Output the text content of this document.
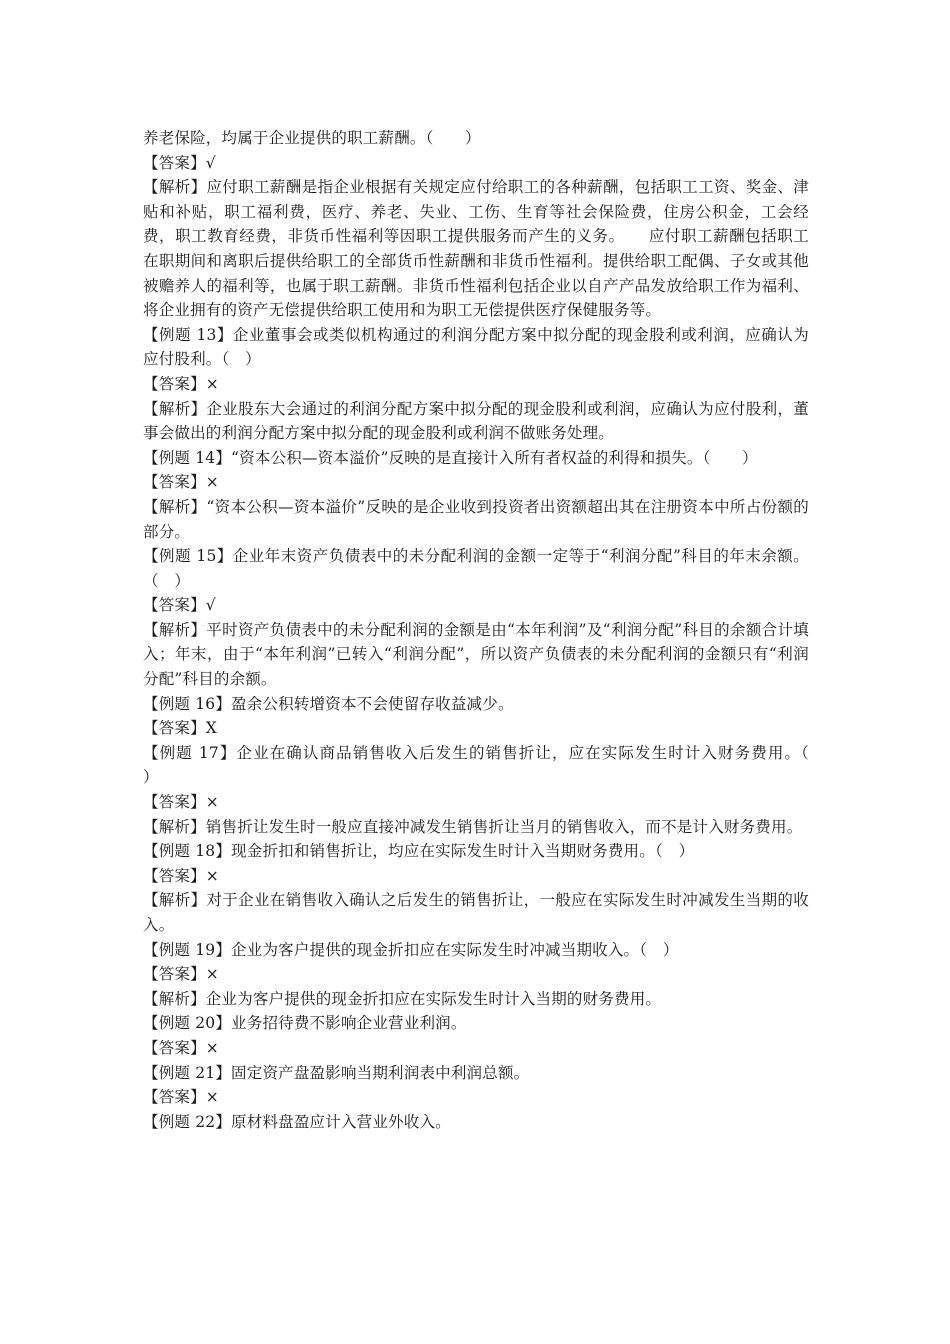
养老保险，均属于企业提供的职工薪酬。（　　）

【答案】√

【解析】应付职工薪酬是指企业根据有关规定应付给职工的各种薪酬，包括职工工资、奖金、津贴和补贴，职工福利费，医疗、养老、失业、工伤、生育等社会保险费，住房公积金，工会经费，职工教育经费，非货币性福利等因职工提供服务而产生的义务。　　应付职工薪酬包括职工在职期间和离职后提供给职工的全部货币性薪酬和非货币性福利。提供给职工配偶、子女或其他被赡养人的福利等，也属于职工薪酬。非货币性福利包括企业以自产产品发放给职工作为福利、将企业拥有的资产无偿提供给职工使用和为职工无偿提供医疗保健服务等。

【例题 13】企业董事会或类似机构通过的利润分配方案中拟分配的现金股利或利润，应确认为应付股利。（　）

【答案】×

【解析】企业股东大会通过的利润分配方案中拟分配的现金股利或利润，应确认为应付股利，董事会做出的利润分配方案中拟分配的现金股利或利润不做账务处理。

【例题 14】“资本公积—资本溢价”反映的是直接计入所有者权益的利得和损失。（　　）

【答案】×

【解析】“资本公积—资本溢价”反映的是企业收到投资者出资额超出其在注册资本中所占份额的部分。

【例题 15】企业年末资产负债表中的未分配利润的金额一定等于“利润分配”科目的年末余额。（　）

【答案】√

【解析】平时资产负债表中的未分配利润的金额是由“本年利润”及“利润分配”科目的余额合计填入；年末，由于“本年利润”已转入“利润分配”，所以资产负债表的未分配利润的金额只有“利润分配”科目的余额。

【例题 16】盈余公积转增资本不会使留存收益减少。

【答案】X

【例题 17】企业在确认商品销售收入后发生的销售折让，应在实际发生时计入财务费用。（　　）

【答案】×

【解析】销售折让发生时一般应直接冲减发生销售折让当月的销售收入，而不是计入财务费用。

【例题 18】现金折扣和销售折让，均应在实际发生时计入当期财务费用。（　）

【答案】×

【解析】对于企业在销售收入确认之后发生的销售折让，一般应在实际发生时冲减发生当期的收入。

【例题 19】企业为客户提供的现金折扣应在实际发生时冲减当期收入。（　）

【答案】×

【解析】企业为客户提供的现金折扣应在实际发生时计入当期的财务费用。

【例题 20】业务招待费不影响企业营业利润。

【答案】×

【例题 21】固定资产盘盈影响当期利润表中利润总额。

【答案】×

【例题 22】原材料盘盈应计入营业外收入。
